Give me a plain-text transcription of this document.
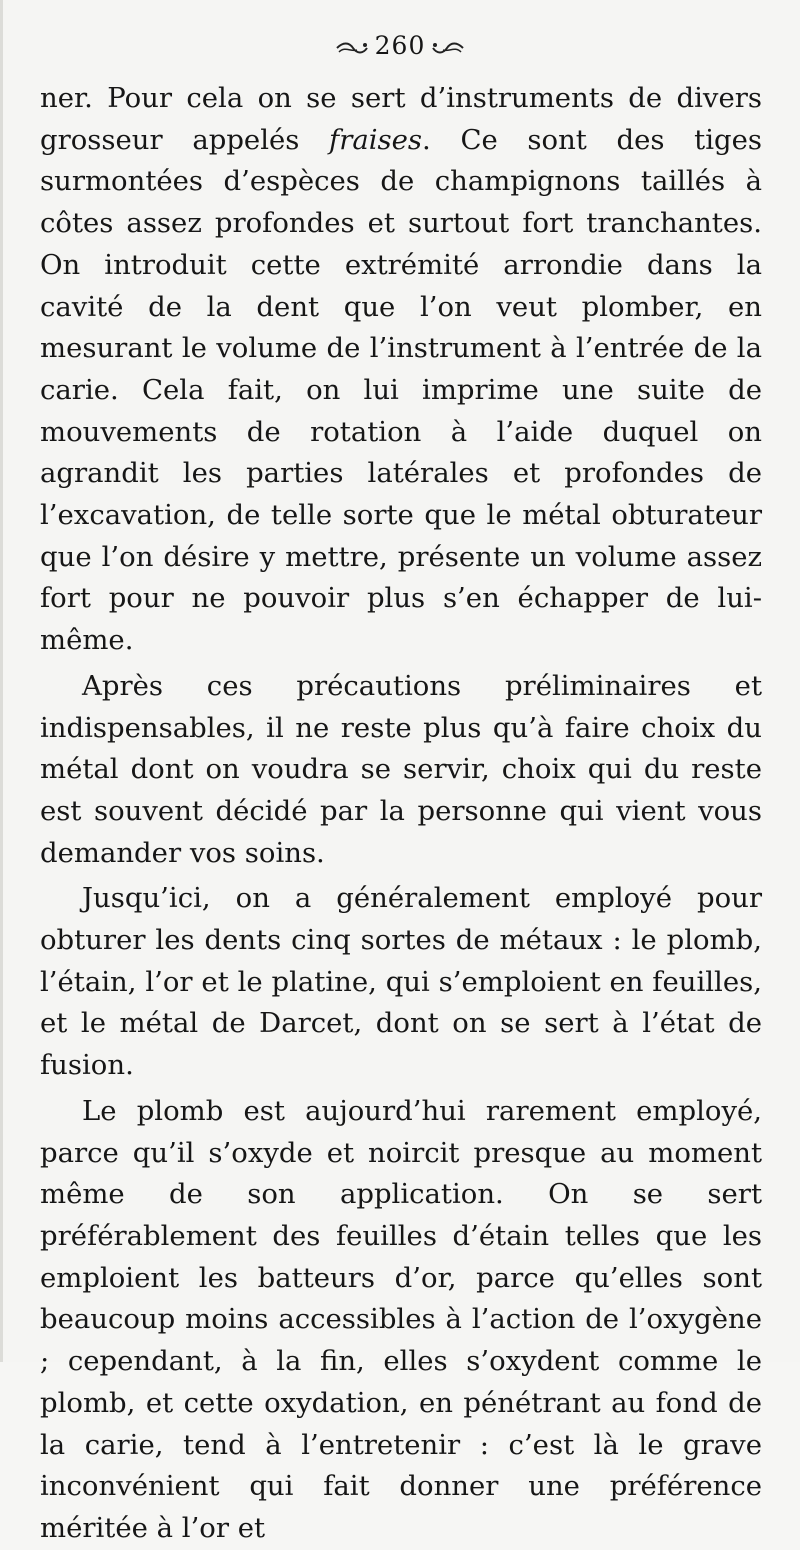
260

ner. Pour cela on se sert d’instruments de divers grosseur appelés fraises. Ce sont des tiges surmontées d’espèces de champignons taillés à côtes assez profondes et surtout fort tranchantes. On introduit cette extrémité arrondie dans la cavité de la dent que l’on veut plomber, en mesurant le volume de l’instrument à l’entrée de la carie. Cela fait, on lui imprime une suite de mouvements de rotation à l’aide duquel on agrandit les parties latérales et profondes de l’excavation, de telle sorte que le métal obturateur que l’on désire y mettre, présente un volume assez fort pour ne pouvoir plus s’en échapper de lui-même.

Après ces précautions préliminaires et indispensables, il ne reste plus qu’à faire choix du métal dont on voudra se servir, choix qui du reste est souvent décidé par la personne qui vient vous demander vos soins.

Jusqu’ici, on a généralement employé pour obturer les dents cinq sortes de métaux : le plomb, l’étain, l’or et le platine, qui s’emploient en feuilles, et le métal de Darcet, dont on se sert à l’état de fusion.

Le plomb est aujourd’hui rarement employé, parce qu’il s’oxyde et noircit presque au moment même de son application. On se sert préférablement des feuilles d’étain telles que les emploient les batteurs d’or, parce qu’elles sont beaucoup moins accessibles à l’action de l’oxygène ; cependant, à la fin, elles s’oxydent comme le plomb, et cette oxydation, en pénétrant au fond de la carie, tend à l’entretenir : c’est là le grave inconvénient qui fait donner une préférence méritée à l’or et
